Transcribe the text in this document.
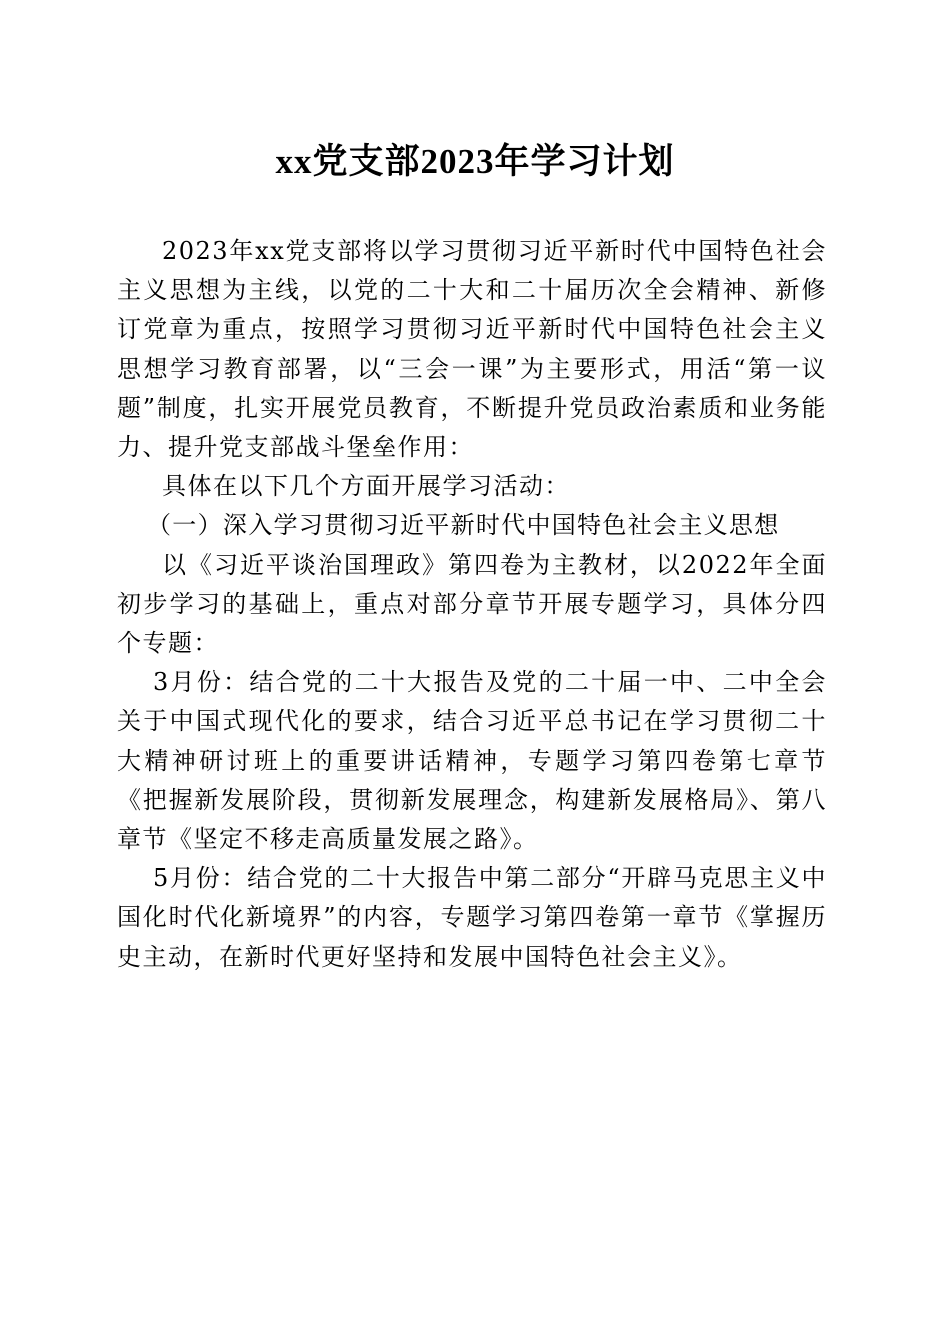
xx党支部2023年学习计划

2023年xx党支部将以学习贯彻习近平新时代中国特色社会主义思想为主线，以党的二十大和二十届历次全会精神、新修订党章为重点，按照学习贯彻习近平新时代中国特色社会主义思想学习教育部署，以“三会一课”为主要形式，用活“第一议题”制度，扎实开展党员教育，不断提升党员政治素质和业务能力、提升党支部战斗堡垒作用：

具体在以下几个方面开展学习活动：

（一）深入学习贯彻习近平新时代中国特色社会主义思想

以《习近平谈治国理政》第四卷为主教材，以2022年全面初步学习的基础上，重点对部分章节开展专题学习，具体分四个专题：

3月份：结合党的二十大报告及党的二十届一中、二中全会关于中国式现代化的要求，结合习近平总书记在学习贯彻二十大精神研讨班上的重要讲话精神，专题学习第四卷第七章节《把握新发展阶段，贯彻新发展理念，构建新发展格局》、第八章节《坚定不移走高质量发展之路》。

5月份：结合党的二十大报告中第二部分“开辟马克思主义中国化时代化新境界”的内容，专题学习第四卷第一章节《掌握历史主动，在新时代更好坚持和发展中国特色社会主义》。
